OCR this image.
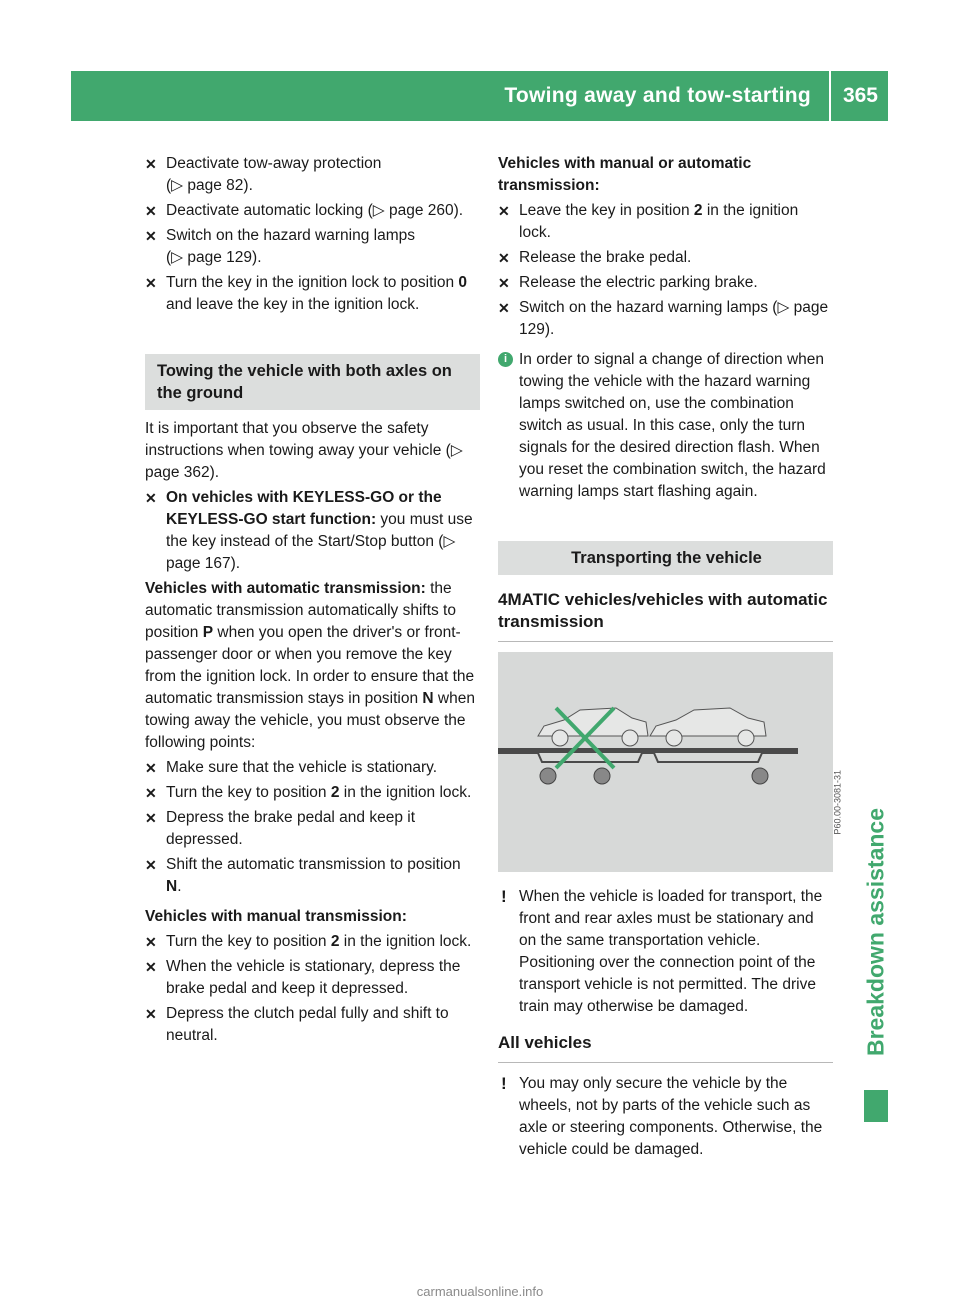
Towing away and tow-starting 365
Breakdown assistance
✕ Deactivate tow-away protection
(▷ page 82).
✕ Deactivate automatic locking (▷ page 260).
✕ Switch on the hazard warning lamps
(▷ page 129).
✕ Turn the key in the ignition lock to position 0 and leave the key in the ignition lock.
Towing the vehicle with both axles on the ground

It is important that you observe the safety instructions when towing away your vehicle (▷ page 362).

✕ On vehicles with KEYLESS-GO or the KEYLESS-GO start function: you must use the key instead of the Start/Stop button (▷ page 167).

Vehicles with automatic transmission: the automatic transmission automatically shifts to position P when you open the driver's or front-passenger door or when you remove the key from the ignition lock. In order to ensure that the automatic transmission stays in position N when towing away the vehicle, you must observe the following points:

✕ Make sure that the vehicle is stationary.
✕ Turn the key to position 2 in the ignition lock.
✕ Depress the brake pedal and keep it depressed.
✕ Shift the automatic transmission to position N.

Vehicles with manual transmission:

✕ Turn the key to position 2 in the ignition lock.
✕ When the vehicle is stationary, depress the brake pedal and keep it depressed.
✕ Depress the clutch pedal fully and shift to neutral.

Vehicles with manual or automatic transmission:

✕ Leave the key in position 2 in the ignition lock.
✕ Release the brake pedal.
✕ Release the electric parking brake.
✕ Switch on the hazard warning lamps (▷ page 129).
i In order to signal a change of direction when towing the vehicle with the hazard warning lamps switched on, use the combination switch as usual. In this case, only the turn signals for the desired direction flash. When you reset the combination switch, the hazard warning lamps start flashing again.
Transporting the vehicle
4MATIC vehicles/vehicles with automatic transmission
P60.00-3081-31
! When the vehicle is loaded for transport, the front and rear axles must be stationary and on the same transportation vehicle. Positioning over the connection point of the transport vehicle is not permitted. The drive train may otherwise be damaged.
All vehicles
! You may only secure the vehicle by the wheels, not by parts of the vehicle such as axle or steering components. Otherwise, the vehicle could be damaged.
carmanualsonline.info
